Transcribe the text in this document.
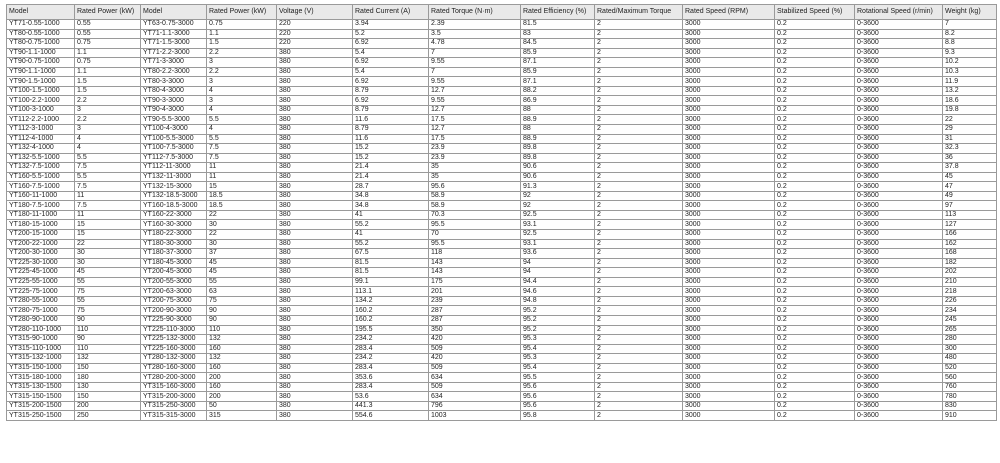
Model	Rated Power (kW)	Model	Rated Power (kW)	Voltage (V)	Rated Current (A)	Rated Torque (N·m)	Rated Efficiency (%)	Rated/Maximum Torque	Rated Speed (RPM)	Stabilized Speed (%)	Rotational Speed (r/min)	Weight (kg)
YT71-0.55-1000	0.55	YT63-0.75-3000	0.75	220	3.94	2.39	81.5	2	3000	0.2	0-3600	7
YT80-0.55-1000	0.55	YT71-1.1-3000	1.1	220	5.2	3.5	83	2	3000	0.2	0-3600	8.2
YT80-0.75-1000	0.75	YT71-1.5-3000	1.5	220	6.92	4.78	84.5	2	3000	0.2	0-3600	8.8
YT90-1.1-1000	1.1	YT71-2.2-3000	2.2	380	5.4	7	85.9	2	3000	0.2	0-3600	9.3
YT90-0.75-1000	0.75	YT71-3-3000	3	380	6.92	9.55	87.1	2	3000	0.2	0-3600	10.2
YT90-1.1-1000	1.1	YT80-2.2-3000	2.2	380	5.4	7	85.9	2	3000	0.2	0-3600	10.3
YT90-1.5-1000	1.5	YT80-3-3000	3	380	6.92	9.55	87.1	2	3000	0.2	0-3600	11.9
YT100-1.5-1000	1.5	YT80-4-3000	4	380	8.79	12.7	88.2	2	3000	0.2	0-3600	13.2
YT100-2.2-1000	2.2	YT90-3-3000	3	380	6.92	9.55	86.9	2	3000	0.2	0-3600	18.6
YT100-3-1000	3	YT90-4-3000	4	380	8.79	12.7	88	2	3000	0.2	0-3600	19.8
YT112-2.2-1000	2.2	YT90-5.5-3000	5.5	380	11.6	17.5	88.9	2	3000	0.2	0-3600	22
YT112-3-1000	3	YT100-4-3000	4	380	8.79	12.7	88	2	3000	0.2	0-3600	29
YT112-4-1000	4	YT100-5.5-3000	5.5	380	11.6	17.5	88.9	2	3000	0.2	0-3600	31
YT132-4-1000	4	YT100-7.5-3000	7.5	380	15.2	23.9	89.8	2	3000	0.2	0-3600	32.3
YT132-5.5-1000	5.5	YT112-7.5-3000	7.5	380	15.2	23.9	89.8	2	3000	0.2	0-3600	36
YT132-7.5-1000	7.5	YT112-11-3000	11	380	21.4	35	90.6	2	3000	0.2	0-3600	37.8
YT160-5.5-1000	5.5	YT132-11-3000	11	380	21.4	35	90.6	2	3000	0.2	0-3600	45
YT160-7.5-1000	7.5	YT132-15-3000	15	380	28.7	95.6	91.3	2	3000	0.2	0-3600	47
YT160-11-1000	11	YT132-18.5-3000	18.5	380	34.8	58.9	92	2	3000	0.2	0-3600	49
YT180-7.5-1000	7.5	YT160-18.5-3000	18.5	380	34.8	58.9	92	2	3000	0.2	0-3600	97
YT180-11-1000	11	YT160-22-3000	22	380	41	70.3	92.5	2	3000	0.2	0-3600	113
YT180-15-1000	15	YT160-30-3000	30	380	55.2	95.5	93.1	2	3000	0.2	0-3600	127
YT200-15-1000	15	YT180-22-3000	22	380	41	70	92.5	2	3000	0.2	0-3600	166
YT200-22-1000	22	YT180-30-3000	30	380	55.2	95.5	93.1	2	3000	0.2	0-3600	162
YT200-30-1000	30	YT180-37-3000	37	380	67.5	118	93.6	2	3000	0.2	0-3600	168
YT225-30-1000	30	YT180-45-3000	45	380	81.5	143	94	2	3000	0.2	0-3600	182
YT225-45-1000	45	YT200-45-3000	45	380	81.5	143	94	2	3000	0.2	0-3600	202
YT225-55-1000	55	YT200-55-3000	55	380	99.1	175	94.4	2	3000	0.2	0-3600	210
YT225-75-1000	75	YT200-63-3000	63	380	113.1	201	94.6	2	3000	0.2	0-3600	218
YT280-55-1000	55	YT200-75-3000	75	380	134.2	239	94.8	2	3000	0.2	0-3600	226
YT280-75-1000	75	YT200-90-3000	90	380	160.2	287	95.2	2	3000	0.2	0-3600	234
YT280-90-1000	90	YT225-90-3000	90	380	160.2	287	95.2	2	3000	0.2	0-3600	245
YT280-110-1000	110	YT225-110-3000	110	380	195.5	350	95.2	2	3000	0.2	0-3600	265
YT315-90-1000	90	YT225-132-3000	132	380	234.2	420	95.3	2	3000	0.2	0-3600	280
YT315-110-1000	110	YT225-160-3000	160	380	283.4	509	95.4	2	3000	0.2	0-3600	300
YT315-132-1000	132	YT280-132-3000	132	380	234.2	420	95.3	2	3000	0.2	0-3600	480
YT315-150-1000	150	YT280-160-3000	160	380	283.4	509	95.4	2	3000	0.2	0-3600	520
YT315-180-1000	180	YT280-200-3000	200	380	353.6	634	95.5	2	3000	0.2	0-3600	560
YT315-130-1500	130	YT315-160-3000	160	380	283.4	509	95.6	2	3000	0.2	0-3600	760
YT315-150-1500	150	YT315-200-3000	200	380	53.6	634	95.6	2	3000	0.2	0-3600	780
YT315-200-1500	200	YT315-250-3000	50	380	441.3	796	95.6	2	3000	0.2	0-3600	830
YT315-250-1500	250	YT315-315-3000	315	380	554.6	1003	95.8	2	3000	0.2	0-3600	910
